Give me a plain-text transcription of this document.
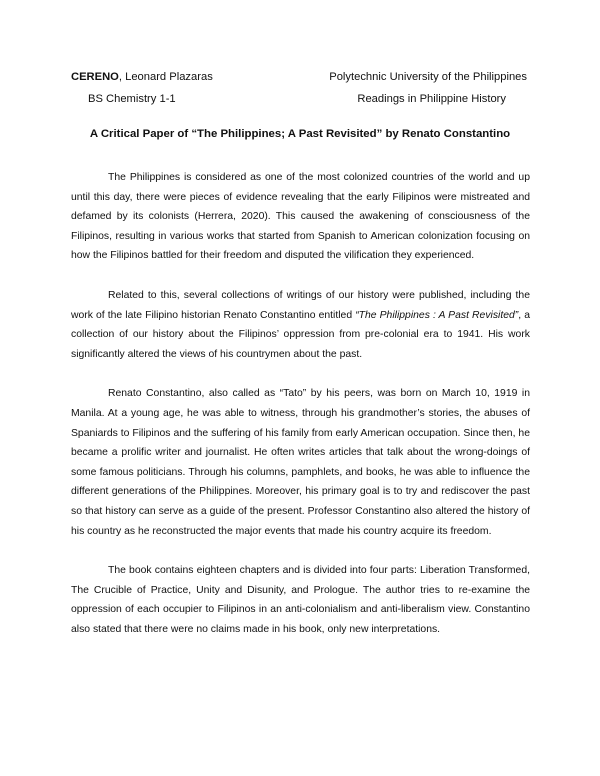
CERENO, Leonard Plazaras
BS Chemistry 1-1
Polytechnic University of the Philippines
Readings in Philippine History
A Critical Paper of “The Philippines; A Past Revisited” by Renato Constantino

The Philippines is considered as one of the most colonized countries of the world and up until this day, there were pieces of evidence revealing that the early Filipinos were mistreated and defamed by its colonists (Herrera, 2020). This caused the awakening of consciousness of the Filipinos, resulting in various works that started from Spanish to American colonization focusing on how the Filipinos battled for their freedom and disputed the vilification they experienced.

Related to this, several collections of writings of our history were published, including the work of the late Filipino historian Renato Constantino entitled “The Philippines : A Past Revisited”, a collection of our history about the Filipinos’ oppression from pre-colonial era to 1941. His work significantly altered the views of his countrymen about the past.

Renato Constantino, also called as “Tato” by his peers, was born on March 10, 1919 in Manila. At a young age, he was able to witness, through his grandmother’s stories, the abuses of Spaniards to Filipinos and the suffering of his family from early American occupation. Since then, he became a prolific writer and journalist. He often writes articles that talk about the wrong-doings of some famous politicians. Through his columns, pamphlets, and books, he was able to influence the different generations of the Philippines. Moreover, his primary goal is to try and rediscover the past so that history can serve as a guide of the present. Professor Constantino also altered the history of his country as he reconstructed the major events that made his country acquire its freedom.

The book contains eighteen chapters and is divided into four parts: Liberation Transformed, The Crucible of Practice, Unity and Disunity, and Prologue. The author tries to re-examine the oppression of each occupier to Filipinos in an anti-colonialism and anti-liberalism view. Constantino also stated that there were no claims made in his book, only new interpretations.
